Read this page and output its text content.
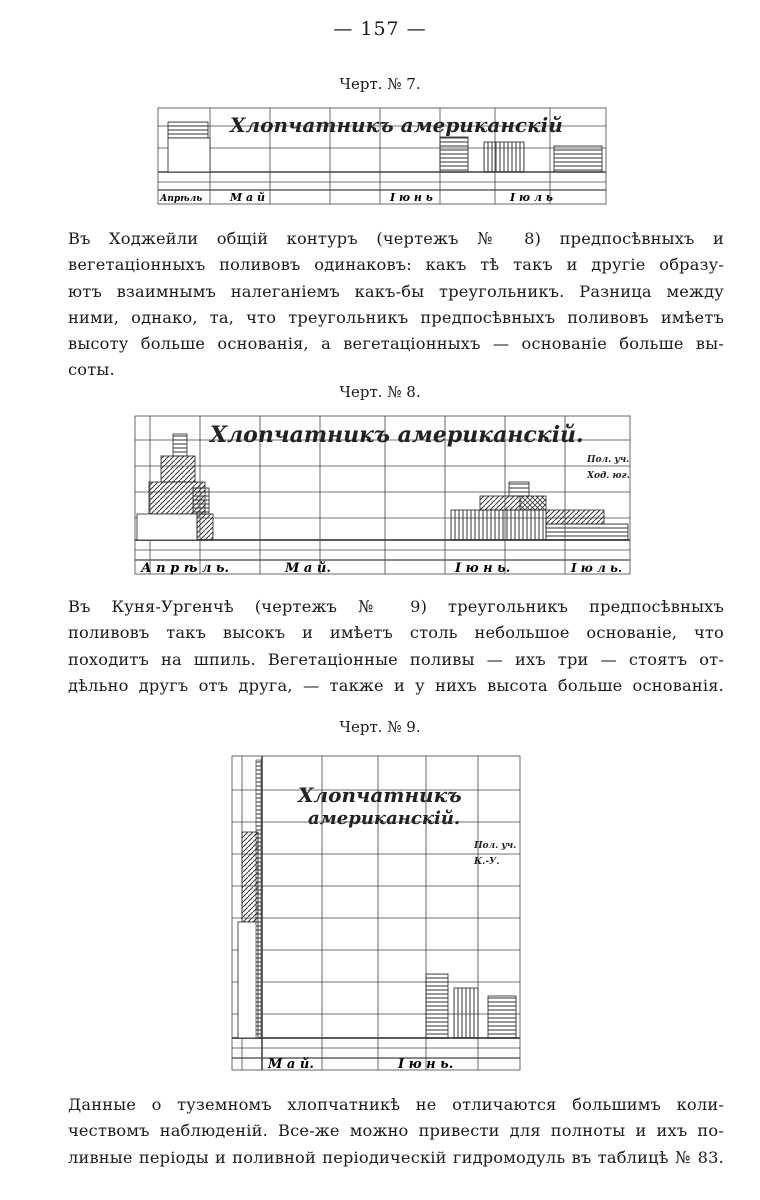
— 157 —
Черт. № 7.
Хлопчатникъ американскій
Апрѣль	М а й	І ю н ь	І ю л ь
Въ Ходжейли общій контуръ (чертежъ № 8) предпосѣвныхъ и
вегетаціонныхъ поливовъ одинаковъ: какъ тѣ такъ и другіе образу-
ютъ взаимнымъ налеганіемъ какъ-бы треугольникъ. Разница между
ними, однако, та, что треугольникъ предпосѣвныхъ поливовъ имѣетъ
высоту больше основанія, а вегетаціонныхъ — основаніе больше вы-
соты.
Черт. № 8.
Хлопчатникъ американскій.
Пол. уч.
Ход. юг.
А п р ѣ л ь.	М а й.	І ю н ь.	І ю л ь.
Въ Куня-Ургенчѣ (чертежъ № 9) треугольникъ предпосѣвныхъ
поливовъ такъ высокъ и имѣетъ столь небольшое основаніе, что
походитъ на шпиль. Вегетаціонные поливы — ихъ три — стоятъ от-
дѣльно другъ отъ друга, — также и у нихъ высота больше основанія.
Черт. № 9.
Хлопчатникъ
американскій.
Пол. уч.
К.-У.
М а й.	І ю н ь.
Данные о туземномъ хлопчатникѣ не отличаются большимъ коли-
чествомъ наблюденій. Все-же можно привести для полноты и ихъ по-
ливные періоды и поливной періодическій гидромодуль въ таблицѣ № 83.
